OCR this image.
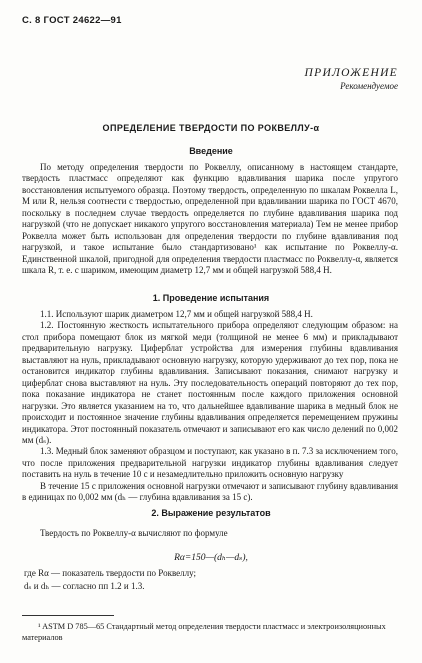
С. 8 ГОСТ 24622—91
ПРИЛОЖЕНИЕ
Рекомендуемое
ОПРЕДЕЛЕНИЕ ТВЕРДОСТИ ПО РОКВЕЛЛУ-α
Введение

По методу определения твердости по Роквеллу, описанному в настоящем стандарте, твердость пластмасс определяют как функцию вдавливания шарика после упругого восстановления испытуемого образца. Поэтому твердость, определенную по шкалам Роквелла L, M или R, нельзя соотнести с твердостью, определенной при вдавливании шарика по ГОСТ 4670, поскольку в последнем случае твердость определяется по глубине вдавливания шарика под нагрузкой (что не допускает никакого упругого восстановления материала) Тем не менее прибор Роквелла может быть использован для определения твердости по глубине вдавливания под нагрузкой, и такое испытание было стандартизовано¹ как испытание по Роквеллу-α. Единственной шкалой, пригодной для определения твердости пластмасс по Роквеллу-α, является шкала R, т. е. с шариком, имеющим диаметр 12,7 мм и общей нагрузкой 588,4 Н.

1. Проведение испытания

1.1. Используют шарик диаметром 12,7 мм и общей нагрузкой 588,4 Н.

1.2. Постоянную жесткость испытательного прибора определяют следующим образом: на стол прибора помещают блок из мягкой меди (толщиной не менее 6 мм) и прикладывают предварительную нагрузку. Циферблат устройства для измерения глубины вдавливания выставляют на нуль, прикладывают основную нагрузку, которую удерживают до тех пор, пока не остановится индикатор глубины вдавливания. Записывают показания, снимают нагрузку и циферблат снова выставляют на нуль. Эту последовательность операций повторяют до тех пор, пока показание индикатора не станет постоянным после каждого приложения основной нагрузки. Это является указанием на то, что дальнейшее вдавливание шарика в медный блок не происходит и постоянное значение глубины вдавливания определяется перемещением пружины индикатора. Этот постоянный показатель отмечают и записывают его как число делений по 0,002 мм (dₛ).

1.3. Медный блок заменяют образцом и поступают, как указано в п. 7.3 за исключением того, что после приложения предварительной нагрузки индикатор глубины вдавливания следует поставить на нуль в течение 10 с и незамедлительно приложить основную нагрузку

В течение 15 с приложения основной нагрузки отмечают и записывают глубину вдавливания в единицах по 0,002 мм (dₕ — глубина вдавливания за 15 с).

2. Выражение результатов

Твердость по Роквеллу-α вычисляют по формуле

Rα=150—(dₕ—dₛ),
где Rα — показатель твердости по Роквеллу;
dₛ и dₕ — согласно пп 1.2 и 1.3.

¹ ASTM D 785—65 Стандартный метод определения твердости пластмасс и электроизоляционных материалов
